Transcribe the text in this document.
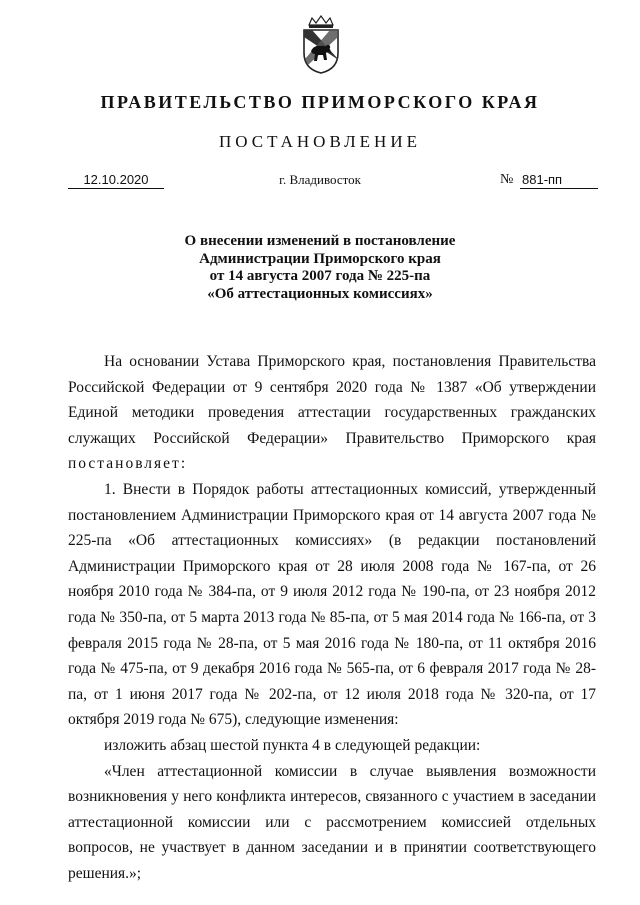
ПРАВИТЕЛЬСТВО ПРИМОРСКОГО КРАЯ
ПОСТАНОВЛЕНИЕ
12.10.2020	г. Владивосток	№ 881-пп
О внесении изменений в постановление
Администрации Приморского края
от 14 августа 2007 года № 225-па
«Об аттестационных комиссиях»

На основании Устава Приморского края, постановления Правительства Российской Федерации от 9 сентября 2020 года № 1387 «Об утверждении Единой методики проведения аттестации государственных гражданских служащих Российской Федерации» Правительство Приморского края постановляет:

1. Внести в Порядок работы аттестационных комиссий, утвержденный постановлением Администрации Приморского края от 14 августа 2007 года № 225-па «Об аттестационных комиссиях» (в редакции постановлений Администрации Приморского края от 28 июля 2008 года № 167-па, от 26 ноября 2010 года № 384-па, от 9 июля 2012 года № 190-па, от 23 ноября 2012 года № 350-па, от 5 марта 2013 года № 85-па, от 5 мая 2014 года № 166-па, от 3 февраля 2015 года № 28-па, от 5 мая 2016 года № 180-па, от 11 октября 2016 года № 475-па, от 9 декабря 2016 года № 565-па, от 6 февраля 2017 года № 28-па, от 1 июня 2017 года № 202-па, от 12 июля 2018 года № 320-па, от 17 октября 2019 года № 675), следующие изменения:

изложить абзац шестой пункта 4 в следующей редакции:

«Член аттестационной комиссии в случае выявления возможности возникновения у него конфликта интересов, связанного с участием в заседании аттестационной комиссии или с рассмотрением комиссией отдельных вопросов, не участвует в данном заседании и в принятии соответствующего решения.»;
